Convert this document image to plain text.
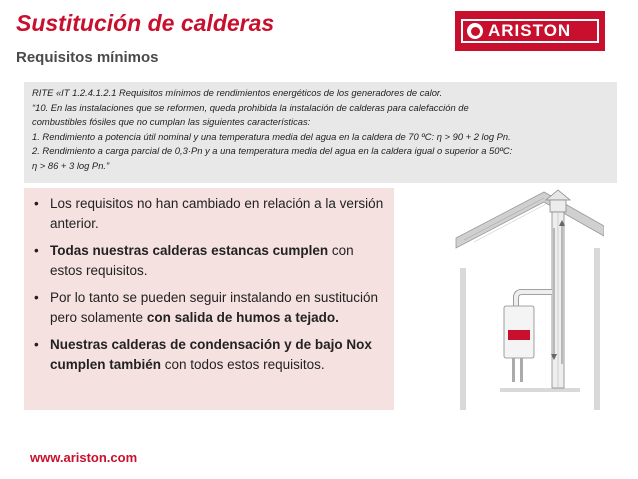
Sustitución de calderas
Requisitos mínimos
ARISTON
RITE «IT 1.2.4.1.2.1 Requisitos mínimos de rendimientos energéticos de los generadores de calor.
“10. En las instalaciones que se reformen, queda prohibida la instalación de calderas para calefacción de
combustibles fósiles que no cumplan las siguientes características:
1. Rendimiento a potencia útil nominal y una temperatura media del agua en la caldera de 70 ºC: η > 90 + 2 log Pn.
2. Rendimiento a carga parcial de 0,3·Pn y a una temperatura media del agua en la caldera igual o superior a 50ºC:
η > 86 + 3 log Pn.”
• Los requisitos no han cambiado en relación a la versión anterior.
• Todas nuestras calderas estancas cumplen con estos requisitos.
• Por lo tanto se pueden seguir instalando en sustitución pero solamente con salida de humos a tejado.
• Nuestras calderas de condensación y de bajo Nox cumplen también con todos estos requisitos.

www.ariston.com
